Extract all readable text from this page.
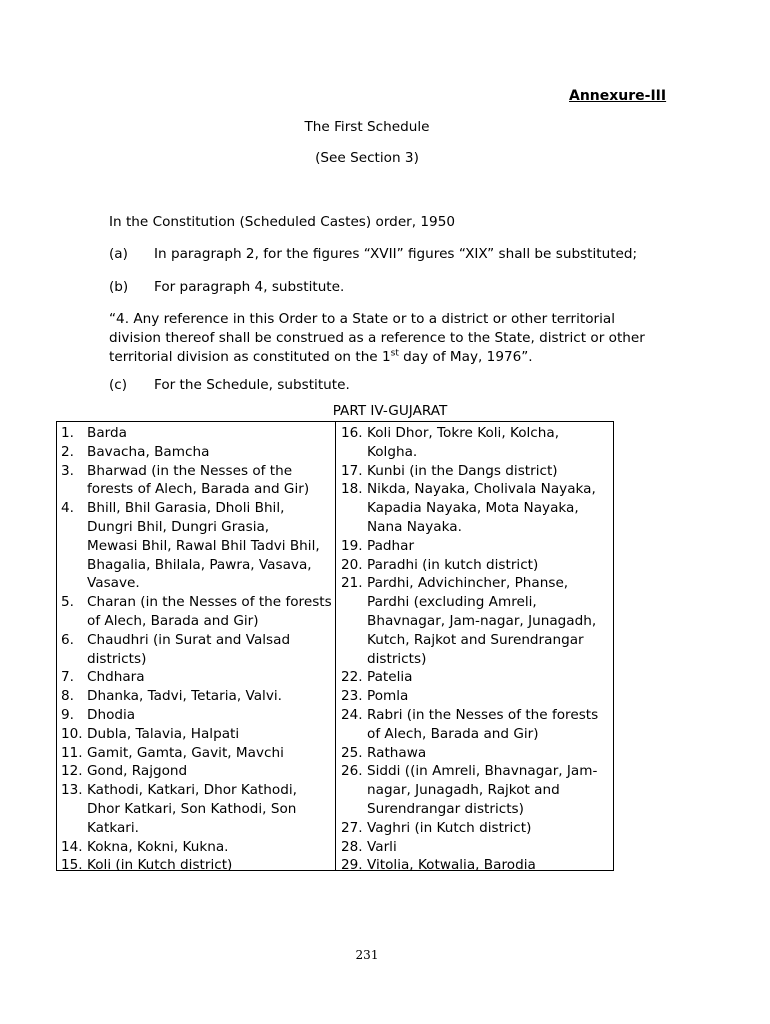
Annexure-III
The First Schedule
(See Section 3)
In the Constitution (Scheduled Castes) order, 1950
(a) In paragraph 2, for the figures “XVII” figures “XIX” shall be substituted;
(b) For paragraph 4, substitute.
“4. Any reference in this Order to a State or to a district or other territorial division thereof shall be construed as a reference to the State, district or other territorial division as constituted on the 1st day of May, 1976”.
(c) For the Schedule, substitute.
PART IV-GUJARAT
1. Barda
2. Bavacha, Bamcha
3. Bharwad (in the Nesses of the
forests of Alech, Barada and Gir)
4. Bhill, Bhil Garasia, Dholi Bhil,
Dungri Bhil, Dungri Grasia,
Mewasi Bhil, Rawal Bhil Tadvi Bhil,
Bhagalia, Bhilala, Pawra, Vasava,
Vasave.
5. Charan (in the Nesses of the forests
of Alech, Barada and Gir)
6. Chaudhri (in Surat and Valsad
districts)
7. Chdhara
8. Dhanka, Tadvi, Tetaria, Valvi.
9. Dhodia
10. Dubla, Talavia, Halpati
11. Gamit, Gamta, Gavit, Mavchi
12. Gond, Rajgond
13. Kathodi, Katkari, Dhor Kathodi,
Dhor Katkari, Son Kathodi, Son
Katkari.
14. Kokna, Kokni, Kukna.
15. Koli (in Kutch district)
16. Koli Dhor, Tokre Koli, Kolcha,
Kolgha.
17. Kunbi (in the Dangs district)
18. Nikda, Nayaka, Cholivala Nayaka,
Kapadia Nayaka, Mota Nayaka,
Nana Nayaka.
19. Padhar
20. Paradhi (in kutch district)
21. Pardhi, Advichincher, Phanse,
Pardhi (excluding Amreli,
Bhavnagar, Jam-nagar, Junagadh,
Kutch, Rajkot and Surendrangar
districts)
22. Patelia
23. Pomla
24. Rabri (in the Nesses of the forests
of Alech, Barada and Gir)
25. Rathawa
26. Siddi ((in Amreli, Bhavnagar, Jam-
nagar, Junagadh, Rajkot and
Surendrangar districts)
27. Vaghri (in Kutch district)
28. Varli
29. Vitolia, Kotwalia, Barodia
231
